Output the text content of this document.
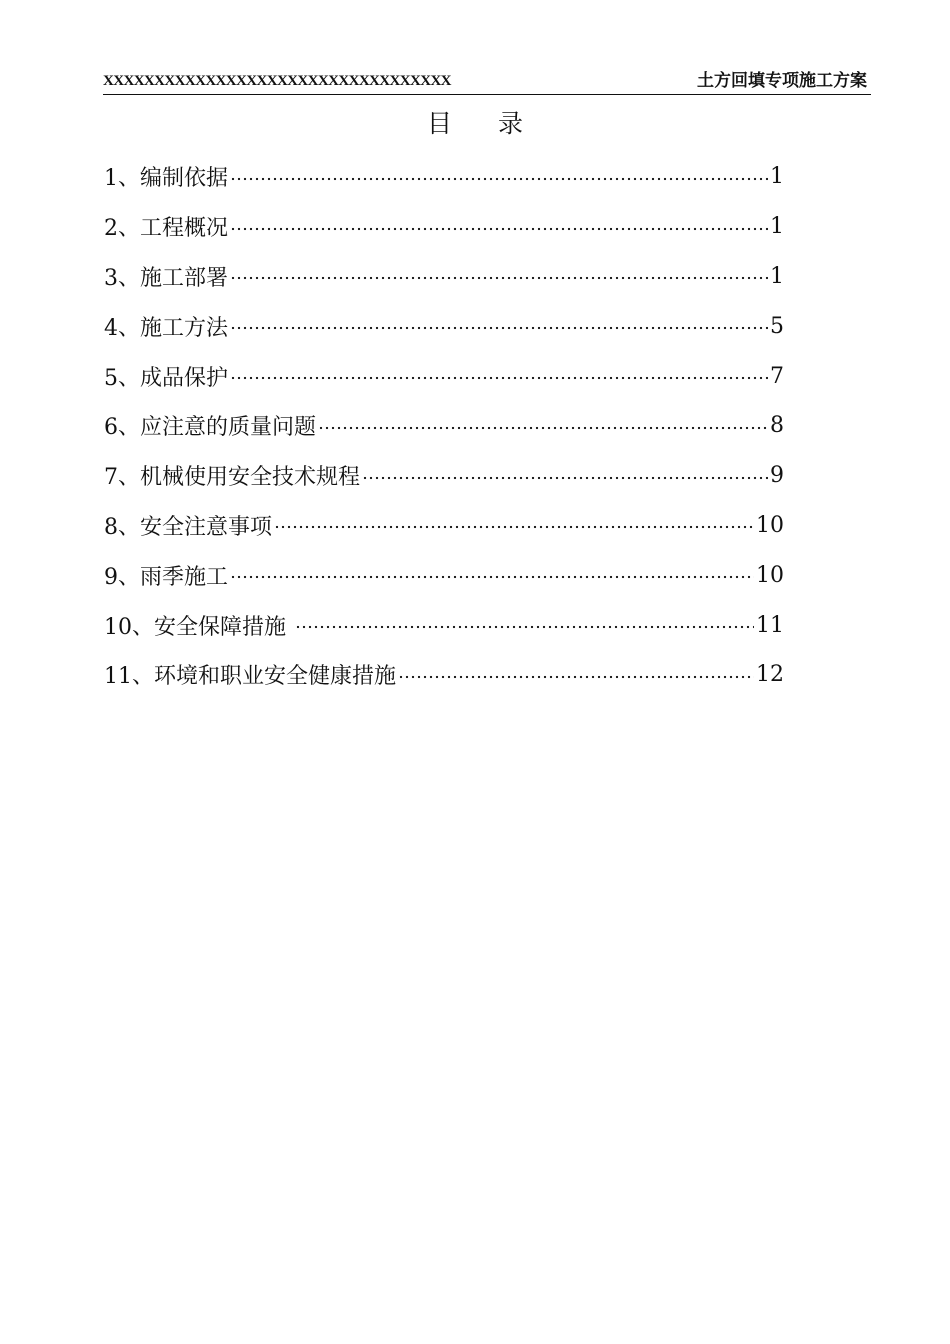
XXXXXXXXXXXXXXXXXXXXXXXXXXXXXXXXXX	土方回填专项施工方案
目录
1、编制依据	1
2、工程概况	1
3、施工部署	1
4、施工方法	5
5、成品保护	7
6、应注意的质量问题	8
7、机械使用安全技术规程	9
8、安全注意事项	10
9、雨季施工	10
10、安全保障措施	11
11、环境和职业安全健康措施	12
